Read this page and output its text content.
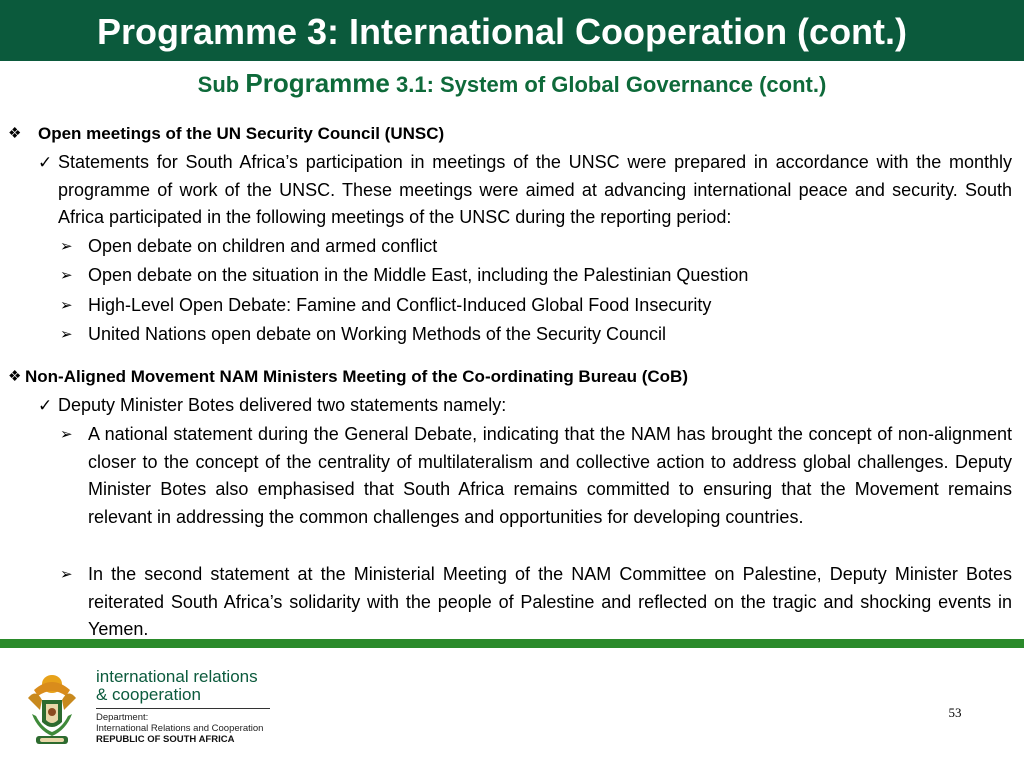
Programme 3: International Cooperation (cont.)
Sub Programme 3.1: System of Global Governance (cont.)
❖ Open meetings of the UN Security Council (UNSC)
✓ Statements for South Africa’s participation in meetings of the UNSC were prepared in accordance with the monthly programme of work of the UNSC. These meetings were aimed at advancing international peace and security. South Africa participated in the following meetings of the UNSC during the reporting period:

➢ Open debate on children and armed conflict
➢ Open debate on the situation in the Middle East, including the Palestinian Question
➢ High-Level Open Debate: Famine and Conflict-Induced Global Food Insecurity
➢ United Nations open debate on Working Methods of the Security Council
❖ Non-Aligned Movement NAM Ministers Meeting of the Co-ordinating Bureau (CoB)
✓ Deputy Minister Botes delivered two statements namely:
➢ A national statement during the General Debate, indicating that the NAM has brought the concept of non-alignment closer to the concept of the centrality of multilateralism and collective action to address global challenges. Deputy Minister Botes also emphasised that South Africa remains committed to ensuring that the Movement remains relevant in addressing the common challenges and opportunities for developing countries.

➢ In the second statement at the Ministerial Meeting of the NAM Committee on Palestine, Deputy Minister Botes reiterated South Africa’s solidarity with the people of Palestine and reflected on the tragic and shocking events in Yemen.

international relations
& cooperation
Department:
International Relations and Cooperation
REPUBLIC OF SOUTH AFRICA
53
